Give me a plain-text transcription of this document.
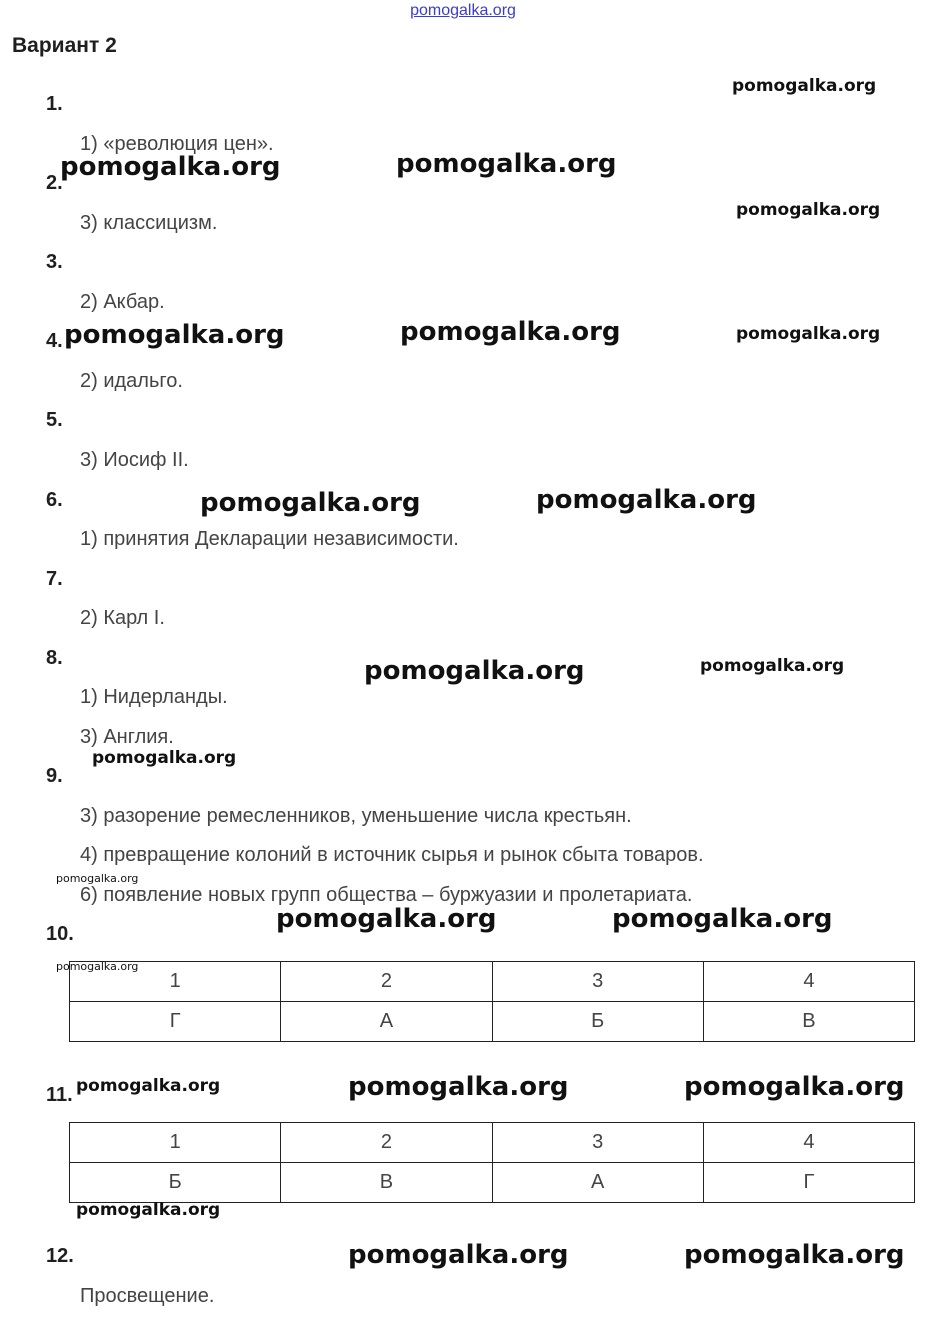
pomogalka.org
Вариант 2
1.
1) «революция цен».
2.
3) классицизм.
3.
2) Акбар.
4.
2) идальго.
5.
3) Иосиф II.
6.
1) принятия Декларации независимости.
7.
2) Карл I.
8.
1) Нидерланды.
3) Англия.
9.
3) разорение ремесленников, уменьшение числа крестьян.
4) превращение колоний в источник сырья и рынок сбыта товаров.
6) появление новых групп общества – буржуазии и пролетариата.
10.
1	2	3	4
Г	А	Б	В
11.
1	2	3	4
Б	В	А	Г
12.
Просвещение.
pomogalka.org
pomogalka.org	pomogalka.org
pomogalka.org
pomogalka.org	pomogalka.org	pomogalka.org
pomogalka.org	pomogalka.org
pomogalka.org	pomogalka.org
pomogalka.org
pomogalka.org
pomogalka.org	pomogalka.org
pomogalka.org
pomogalka.org	pomogalka.org	pomogalka.org
pomogalka.org
pomogalka.org	pomogalka.org
